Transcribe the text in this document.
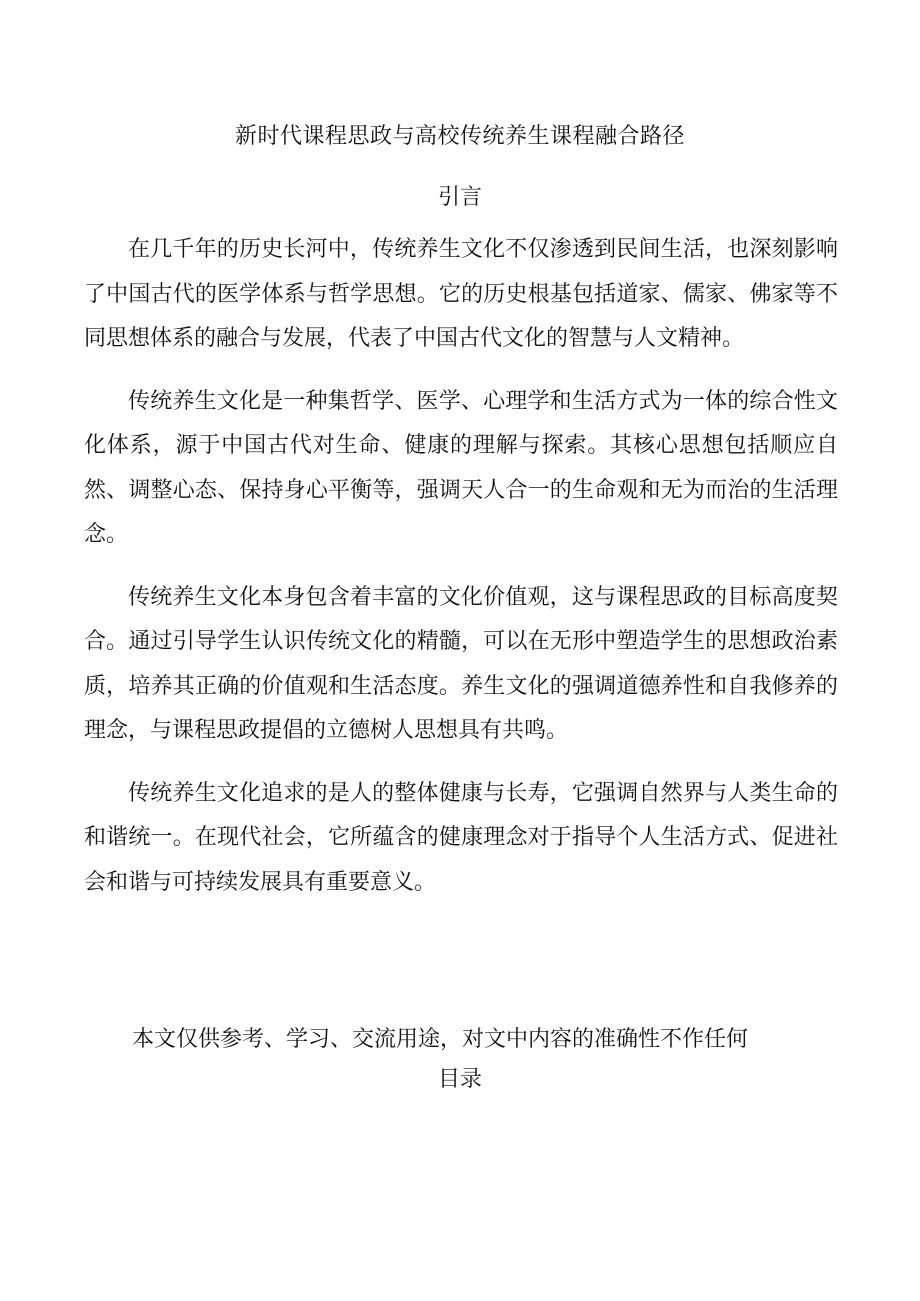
新时代课程思政与高校传统养生课程融合路径
引言

在几千年的历史长河中，传统养生文化不仅渗透到民间生活，也深刻影响了中国古代的医学体系与哲学思想。它的历史根基包括道家、儒家、佛家等不同思想体系的融合与发展，代表了中国古代文化的智慧与人文精神。

传统养生文化是一种集哲学、医学、心理学和生活方式为一体的综合性文化体系，源于中国古代对生命、健康的理解与探索。其核心思想包括顺应自然、调整心态、保持身心平衡等，强调天人合一的生命观和无为而治的生活理念。

传统养生文化本身包含着丰富的文化价值观，这与课程思政的目标高度契合。通过引导学生认识传统文化的精髓，可以在无形中塑造学生的思想政治素质，培养其正确的价值观和生活态度。养生文化的强调道德养性和自我修养的理念，与课程思政提倡的立德树人思想具有共鸣。

传统养生文化追求的是人的整体健康与长寿，它强调自然界与人类生命的和谐统一。在现代社会，它所蕴含的健康理念对于指导个人生活方式、促进社会和谐与可持续发展具有重要意义。

本文仅供参考、学习、交流用途，对文中内容的准确性不作任何
目录
